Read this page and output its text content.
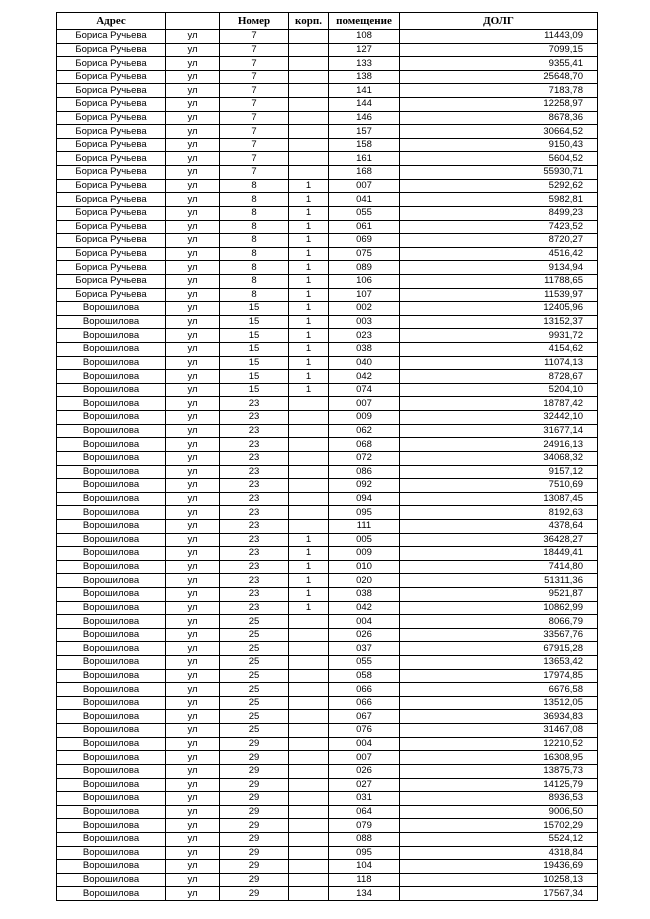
Адрес		Номер	корп.	помещение	ДОЛГ
Бориса Ручьева	ул	7		108	11443,09
Бориса Ручьева	ул	7		127	7099,15
Бориса Ручьева	ул	7		133	9355,41
Бориса Ручьева	ул	7		138	25648,70
Бориса Ручьева	ул	7		141	7183,78
Бориса Ручьева	ул	7		144	12258,97
Бориса Ручьева	ул	7		146	8678,36
Бориса Ручьева	ул	7		157	30664,52
Бориса Ручьева	ул	7		158	9150,43
Бориса Ручьева	ул	7		161	5604,52
Бориса Ручьева	ул	7		168	55930,71
Бориса Ручьева	ул	8	1	007	5292,62
Бориса Ручьева	ул	8	1	041	5982,81
Бориса Ручьева	ул	8	1	055	8499,23
Бориса Ручьева	ул	8	1	061	7423,52
Бориса Ручьева	ул	8	1	069	8720,27
Бориса Ручьева	ул	8	1	075	4516,42
Бориса Ручьева	ул	8	1	089	9134,94
Бориса Ручьева	ул	8	1	106	11788,65
Бориса Ручьева	ул	8	1	107	11539,97
Ворошилова	ул	15	1	002	12405,96
Ворошилова	ул	15	1	003	13152,37
Ворошилова	ул	15	1	023	9931,72
Ворошилова	ул	15	1	038	4154,62
Ворошилова	ул	15	1	040	11074,13
Ворошилова	ул	15	1	042	8728,67
Ворошилова	ул	15	1	074	5204,10
Ворошилова	ул	23		007	18787,42
Ворошилова	ул	23		009	32442,10
Ворошилова	ул	23		062	31677,14
Ворошилова	ул	23		068	24916,13
Ворошилова	ул	23		072	34068,32
Ворошилова	ул	23		086	9157,12
Ворошилова	ул	23		092	7510,69
Ворошилова	ул	23		094	13087,45
Ворошилова	ул	23		095	8192,63
Ворошилова	ул	23		111	4378,64
Ворошилова	ул	23	1	005	36428,27
Ворошилова	ул	23	1	009	18449,41
Ворошилова	ул	23	1	010	7414,80
Ворошилова	ул	23	1	020	51311,36
Ворошилова	ул	23	1	038	9521,87
Ворошилова	ул	23	1	042	10862,99
Ворошилова	ул	25		004	8066,79
Ворошилова	ул	25		026	33567,76
Ворошилова	ул	25		037	67915,28
Ворошилова	ул	25		055	13653,42
Ворошилова	ул	25		058	17974,85
Ворошилова	ул	25		066	6676,58
Ворошилова	ул	25		066	13512,05
Ворошилова	ул	25		067	36934,83
Ворошилова	ул	25		076	31467,08
Ворошилова	ул	29		004	12210,52
Ворошилова	ул	29		007	16308,95
Ворошилова	ул	29		026	13875,73
Ворошилова	ул	29		027	14125,79
Ворошилова	ул	29		031	8936,53
Ворошилова	ул	29		064	9006,50
Ворошилова	ул	29		079	15702,29
Ворошилова	ул	29		088	5524,12
Ворошилова	ул	29		095	4318,84
Ворошилова	ул	29		104	19436,69
Ворошилова	ул	29		118	10258,13
Ворошилова	ул	29		134	17567,34
